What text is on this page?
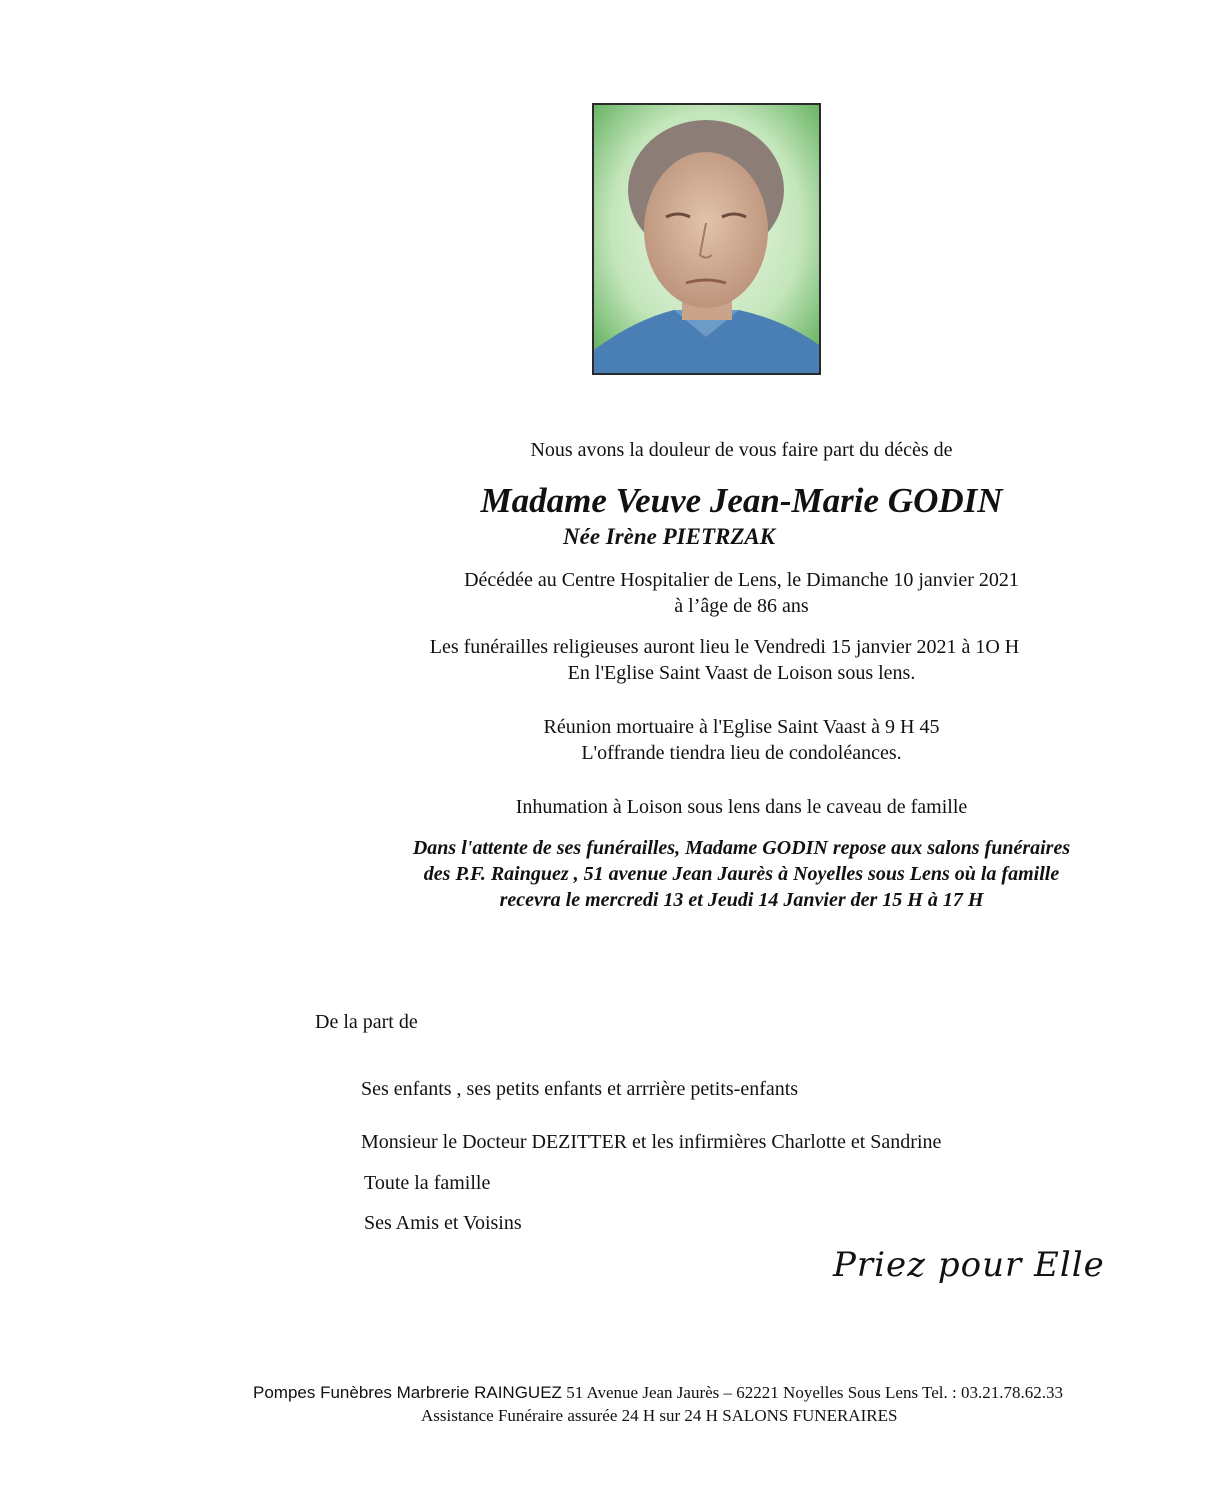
Nous avons la douleur de vous faire part du décès de
Madame Veuve Jean-Marie GODIN
Née Irène PIETRZAK
Décédée au Centre Hospitalier de Lens, le Dimanche 10 janvier 2021
à l’âge de 86 ans
Les funérailles religieuses auront lieu le Vendredi 15 janvier 2021 à 1O H
En l'Eglise Saint Vaast de Loison sous lens.
Réunion mortuaire à l'Eglise Saint Vaast à 9 H 45
L'offrande tiendra lieu de condoléances.
Inhumation à Loison sous lens dans le caveau de famille
Dans l'attente de ses funérailles, Madame GODIN repose aux salons funéraires
des P.F. Rainguez , 51 avenue Jean Jaurès à Noyelles sous Lens où la famille
recevra le mercredi 13 et Jeudi 14 Janvier der 15 H à 17 H
De la part de
Ses enfants , ses petits enfants et arrrière petits-enfants
Monsieur le Docteur DEZITTER et les infirmières Charlotte et Sandrine
Toute la famille
Ses Amis et Voisins
Priez pour Elle
Pompes Funèbres Marbrerie RAINGUEZ 51 Avenue Jean Jaurès – 62221 Noyelles Sous Lens Tel. : 03.21.78.62.33
Assistance Funéraire assurée 24 H sur 24 H SALONS FUNERAIRES
